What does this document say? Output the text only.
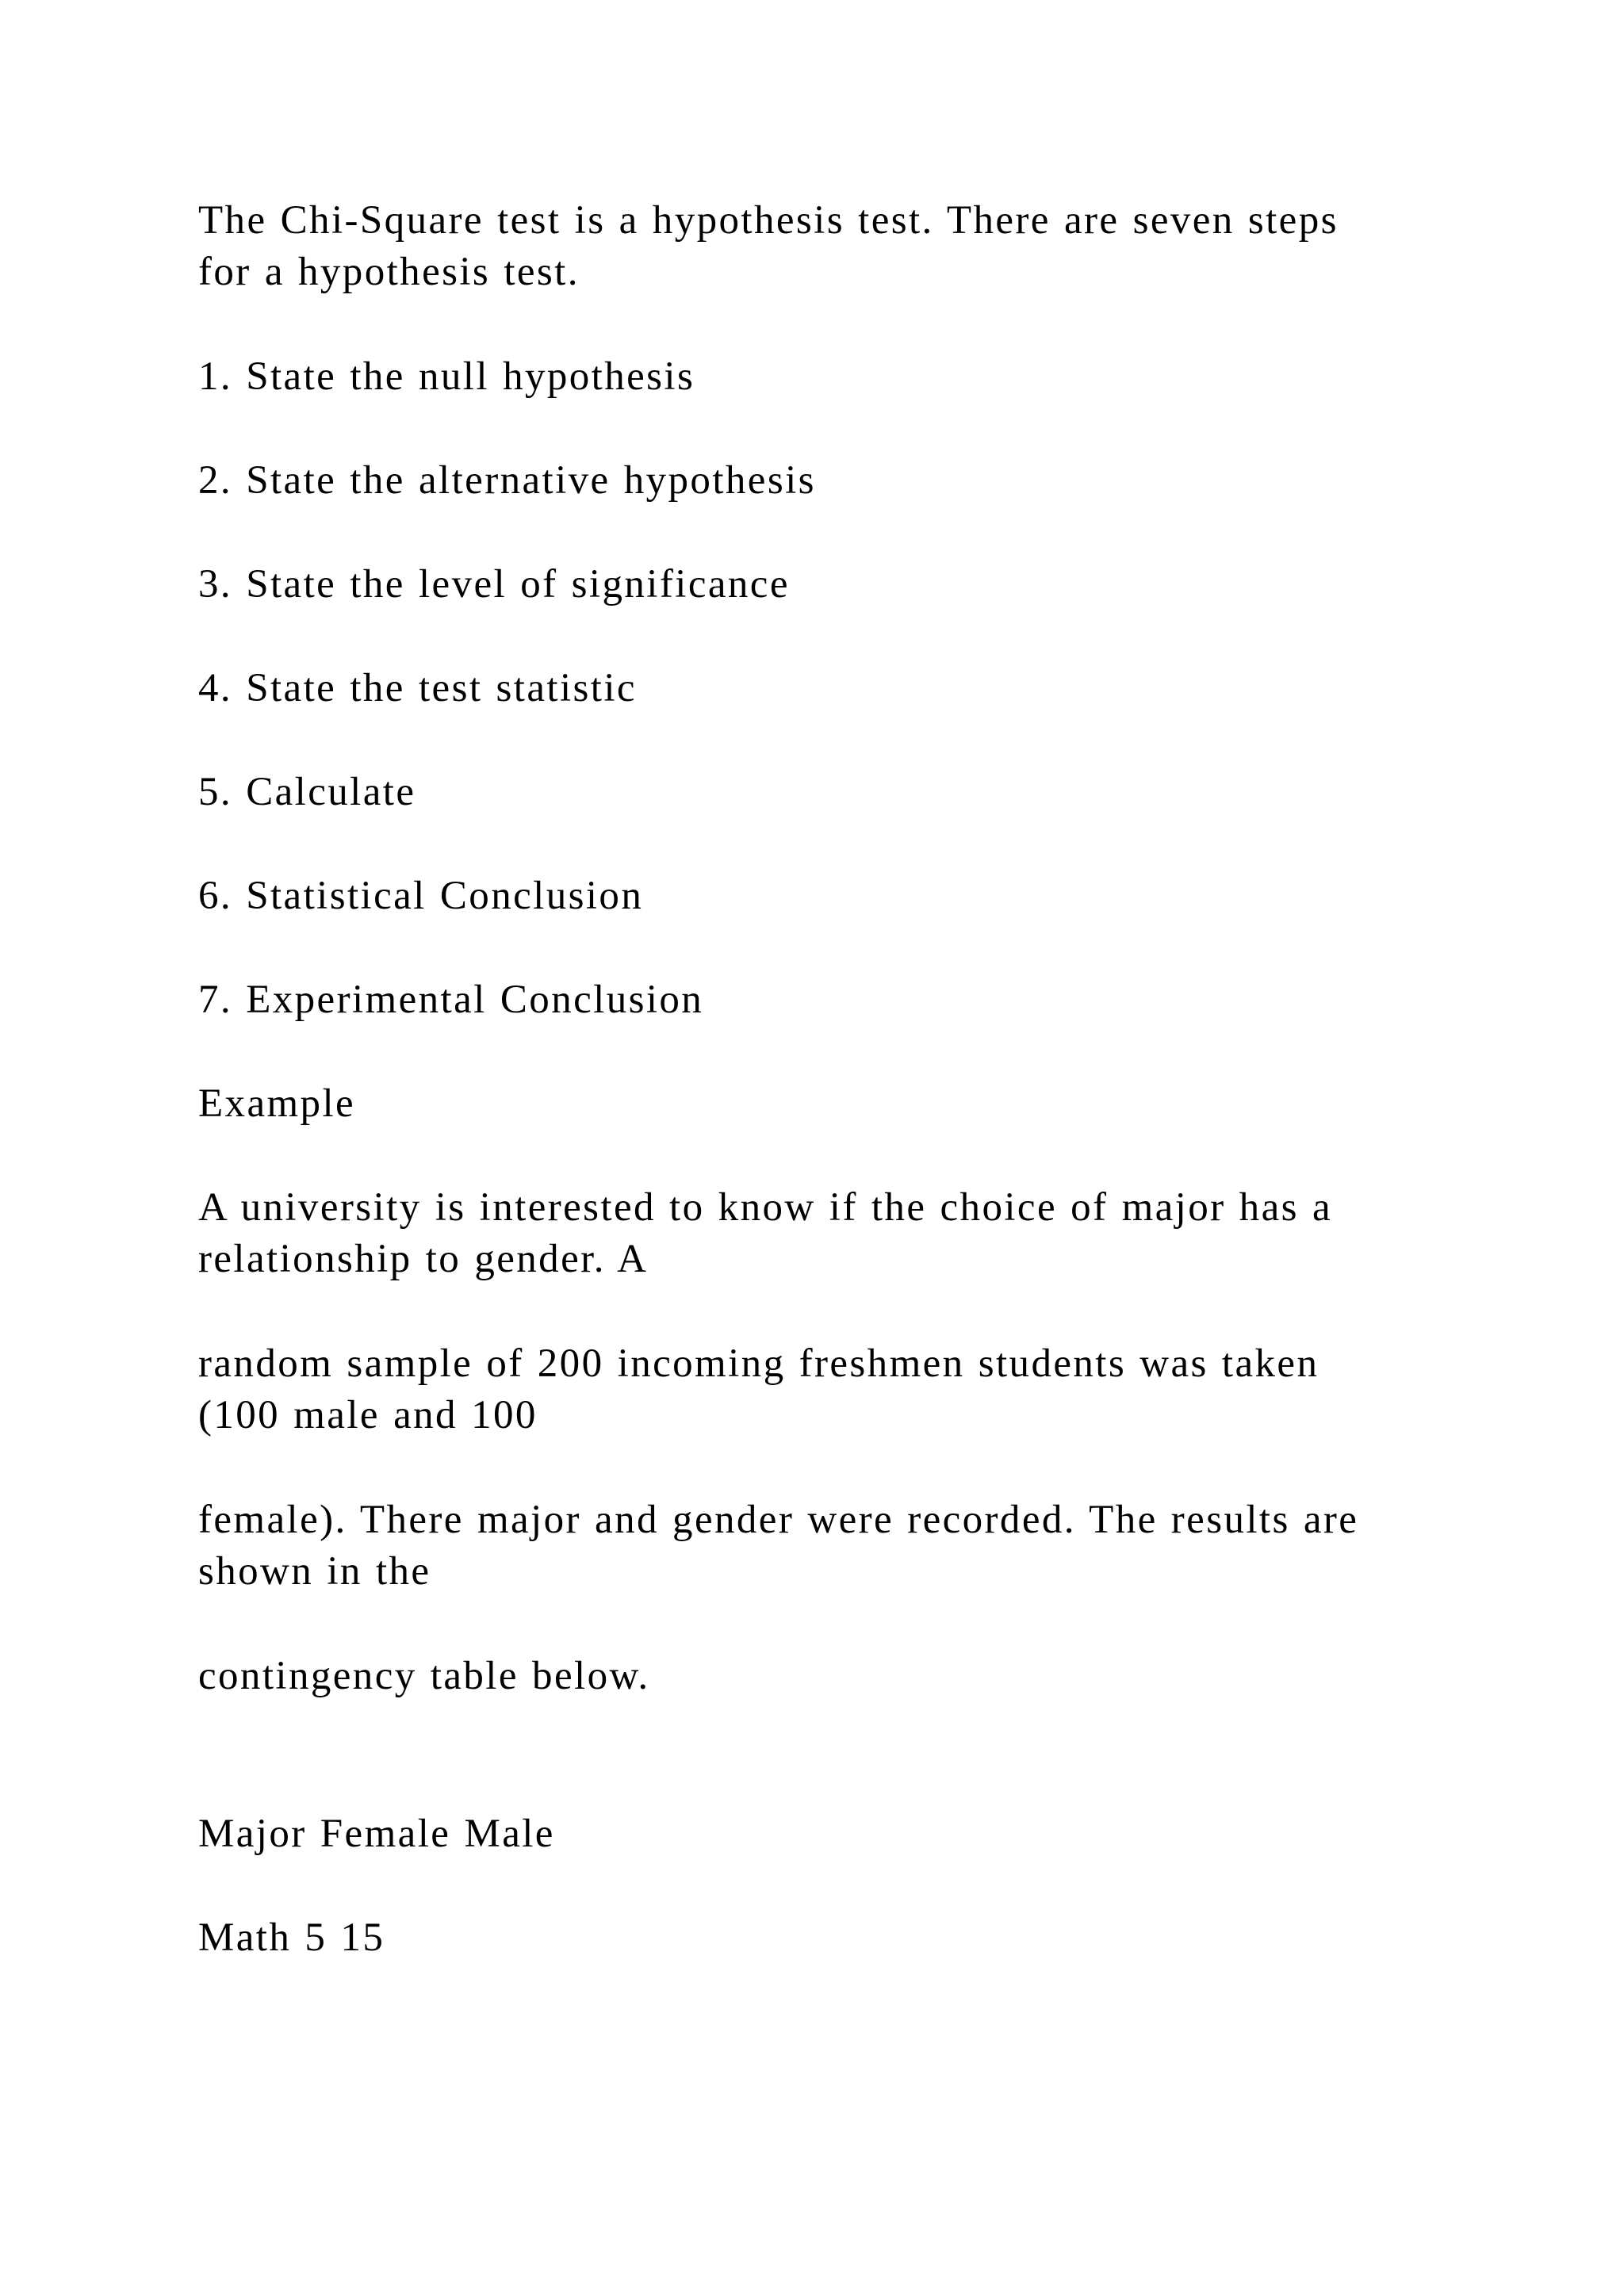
The Chi-Square test is a hypothesis test. There are seven steps
for a hypothesis test.

1. State the null hypothesis

2. State the alternative hypothesis

3. State the level of significance

4. State the test statistic

5. Calculate

6. Statistical Conclusion

7. Experimental Conclusion

Example

A university is interested to know if the choice of major has a
relationship to gender. A

random sample of 200 incoming freshmen students was taken
(100 male and 100

female). There major and gender were recorded. The results are
shown in the

contingency table below.

Major Female Male

Math 5 15
